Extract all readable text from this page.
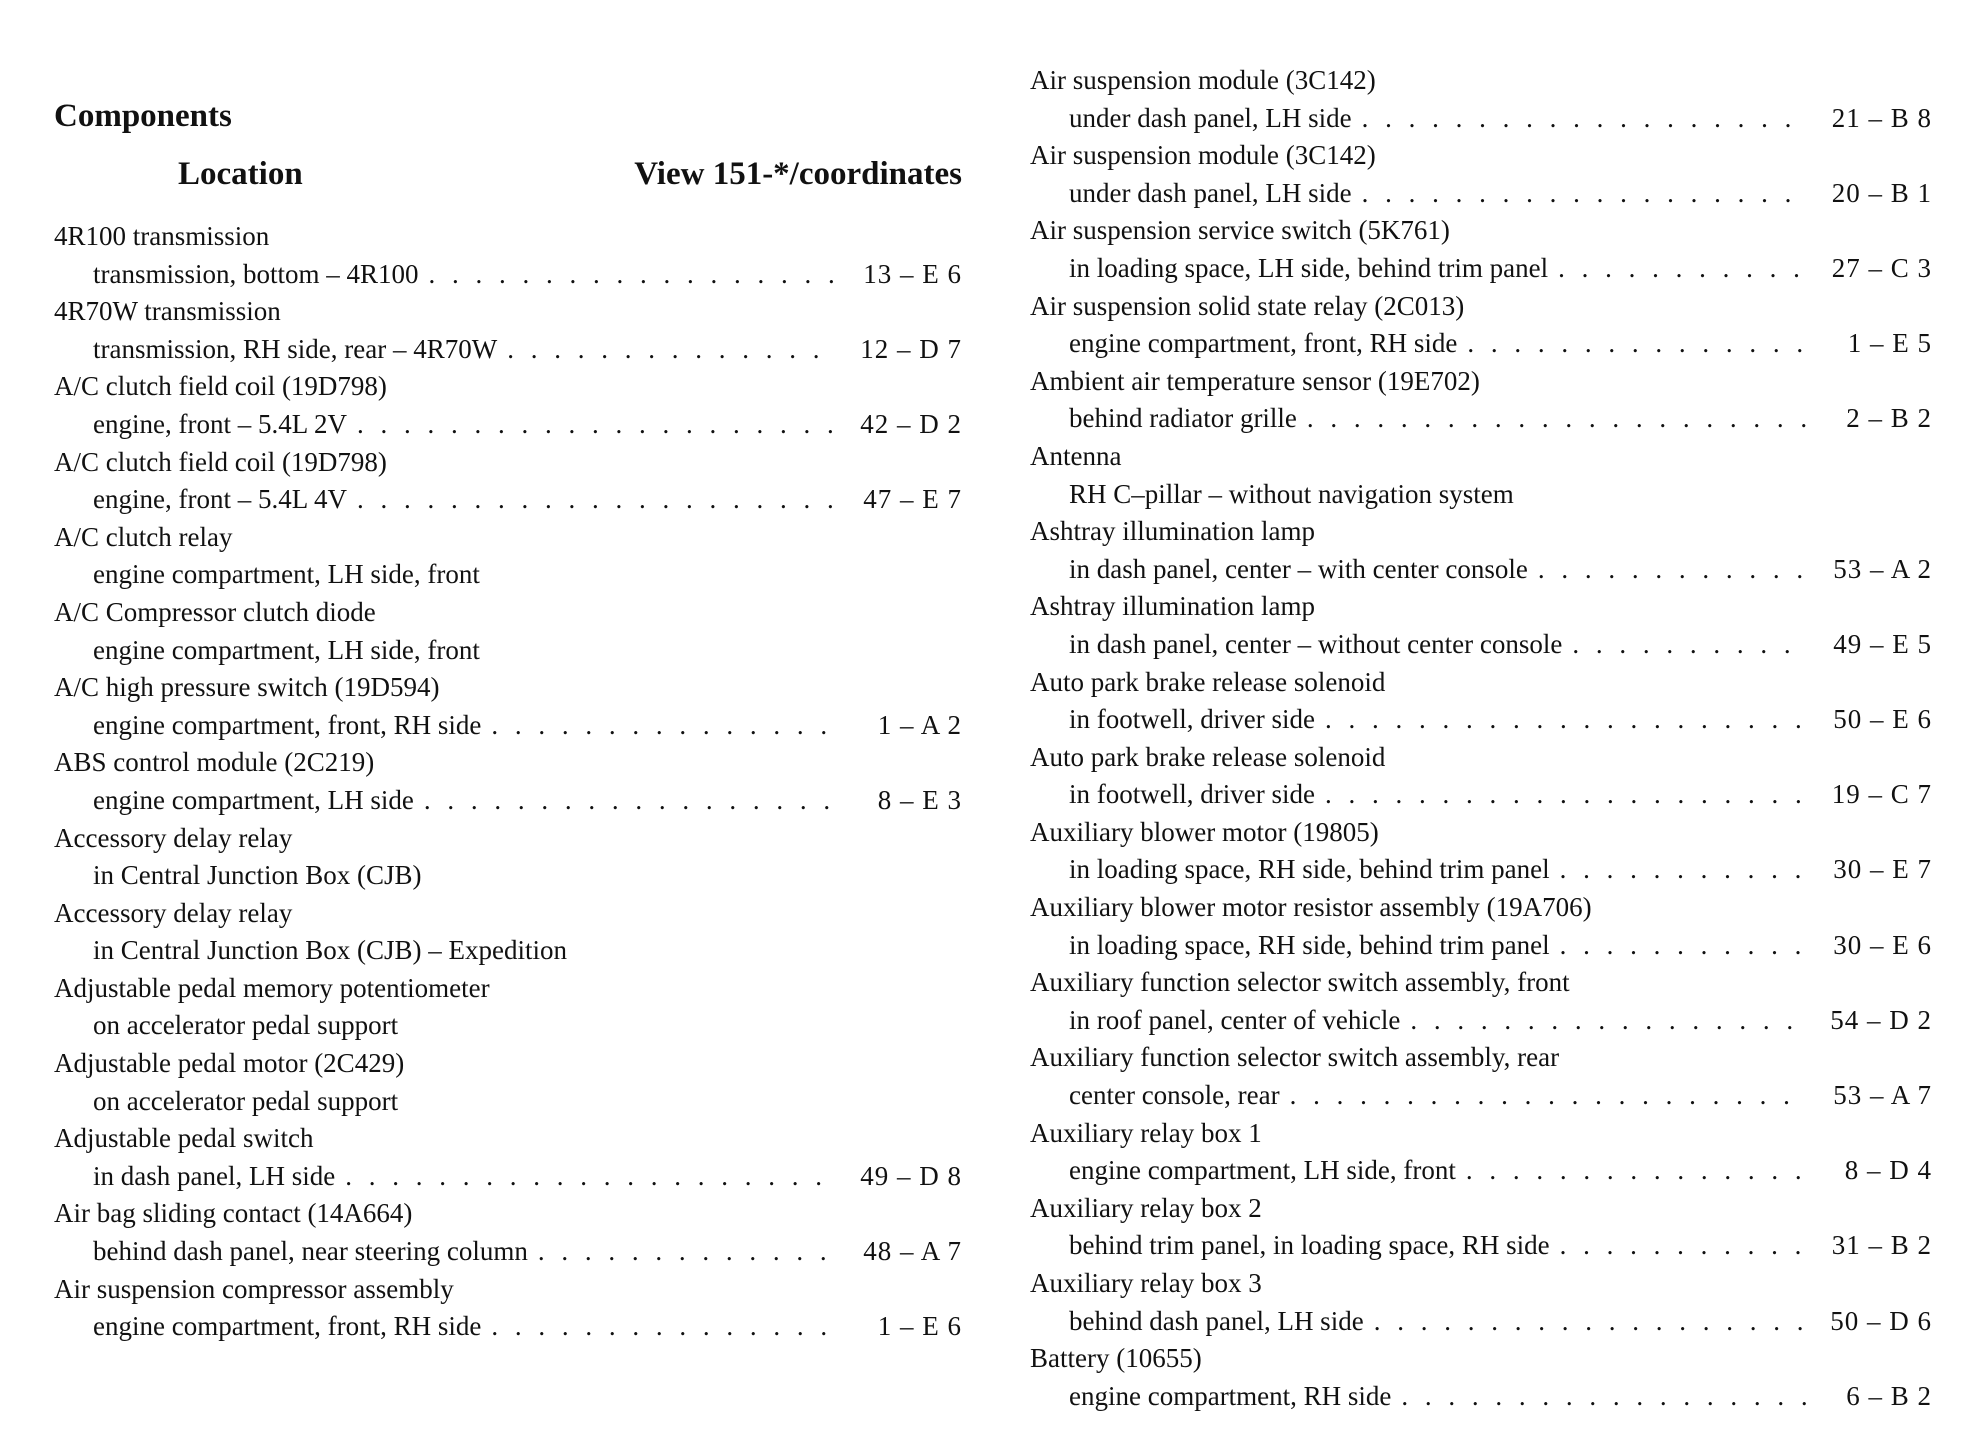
Components
Location	View 151-*/coordinates
4R100 transmission
transmission, bottom – 4R100 . . .	13 – E 6
4R70W transmission
transmission, RH side, rear – 4R70W . . .	12 – D 7
A/C clutch field coil (19D798)
engine, front – 5.4L 2V . . .	42 – D 2
A/C clutch field coil (19D798)
engine, front – 5.4L 4V . . .	47 – E 7
A/C clutch relay
engine compartment, LH side, front
A/C Compressor clutch diode
engine compartment, LH side, front
A/C high pressure switch (19D594)
engine compartment, front, RH side . . .	1 – A 2
ABS control module (2C219)
engine compartment, LH side . . .	8 – E 3
Accessory delay relay
in Central Junction Box (CJB)
Accessory delay relay
in Central Junction Box (CJB) – Expedition
Adjustable pedal memory potentiometer
on accelerator pedal support
Adjustable pedal motor (2C429)
on accelerator pedal support
Adjustable pedal switch
in dash panel, LH side . . .	49 – D 8
Air bag sliding contact (14A664)
behind dash panel, near steering column . . .	48 – A 7
Air suspension compressor assembly
engine compartment, front, RH side . . .	1 – E 6
Air suspension module (3C142)
under dash panel, LH side . . .	21 – B 8
Air suspension module (3C142)
under dash panel, LH side . . .	20 – B 1
Air suspension service switch (5K761)
in loading space, LH side, behind trim panel . . .	27 – C 3
Air suspension solid state relay (2C013)
engine compartment, front, RH side . . .	1 – E 5
Ambient air temperature sensor (19E702)
behind radiator grille . . .	2 – B 2
Antenna
RH C–pillar – without navigation system
Ashtray illumination lamp
in dash panel, center – with center console . . .	53 – A 2
Ashtray illumination lamp
in dash panel, center – without center console . . .	49 – E 5
Auto park brake release solenoid
in footwell, driver side . . .	50 – E 6
Auto park brake release solenoid
in footwell, driver side . . .	19 – C 7
Auxiliary blower motor (19805)
in loading space, RH side, behind trim panel . . .	30 – E 7
Auxiliary blower motor resistor assembly (19A706)
in loading space, RH side, behind trim panel . . .	30 – E 6
Auxiliary function selector switch assembly, front
in roof panel, center of vehicle . . .	54 – D 2
Auxiliary function selector switch assembly, rear
center console, rear . . .	53 – A 7
Auxiliary relay box 1
engine compartment, LH side, front . . .	8 – D 4
Auxiliary relay box 2
behind trim panel, in loading space, RH side . . .	31 – B 2
Auxiliary relay box 3
behind dash panel, LH side . . .	50 – D 6
Battery (10655)
engine compartment, RH side . . .	6 – B 2
